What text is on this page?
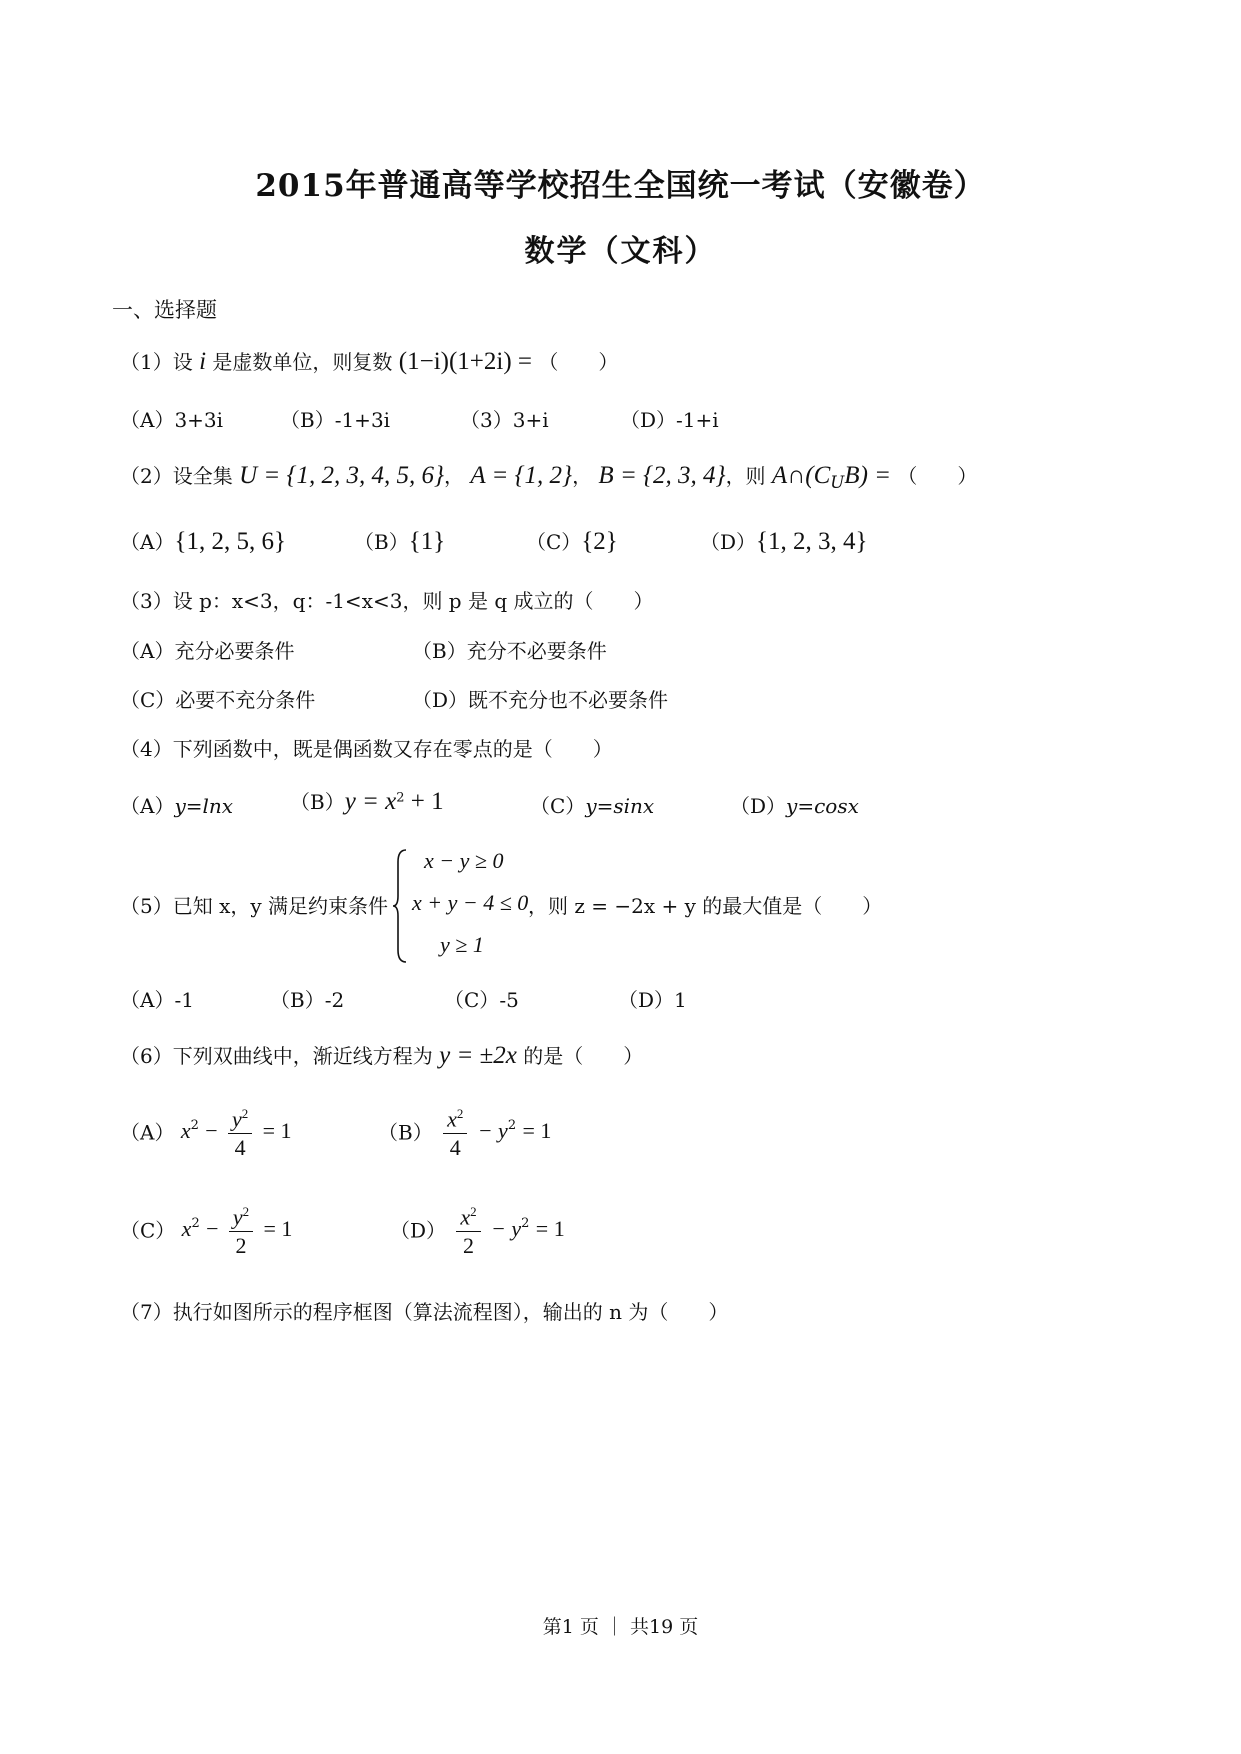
2015年普通高等学校招生全国统一考试（安徽卷）
数学（文科）
一、选择题
（1）设 i 是虚数单位，则复数 (1−i)(1+2i) = （　　）
（A）3+3i	（B）-1+3i	（3）3+i	（D）-1+i
（2）设全集 U = {1, 2, 3, 4, 5, 6}， A = {1, 2}， B = {2, 3, 4}，则 $A\cap(C_UB)$ = （　　）
（A）{1, 2, 5, 6}	（B）{1}	（C）{2}	（D）{1, 2, 3, 4}
（3）设 p：x<3，q：-1<x<3，则 p 是 q 成立的（　　）
（A）充分必要条件	（B）充分不必要条件
（C）必要不充分条件	（D）既不充分也不必要条件
（4）下列函数中，既是偶函数又存在零点的是（　　）
（A）y=lnx	$(B)y = x^2 + 1$	（C）y=sinx	（D）y=cosx
（5）已知 x，y 满足约束条件
x − y ≥ 0
x + y − 4 ≤ 0
y ≥ 1
，则 z = −2x + y 的最大值是（　　）
（A）-1	（B）-2	（C）-5	（D）1
（6）下列双曲线中，渐近线方程为 y = ±2x 的是（　　）
（A） $x^2 - \frac{y^2}{4} = 1$	$(B) \frac{x^2}{4} - y^2 = 1$
（C） $x^2 - \frac{y^2}{2} = 1$	$(D) \frac{x^2}{2} - y^2 = 1$
（7）执行如图所示的程序框图（算法流程图），输出的 n 为（　　）
第1 页 ｜ 共19 页
